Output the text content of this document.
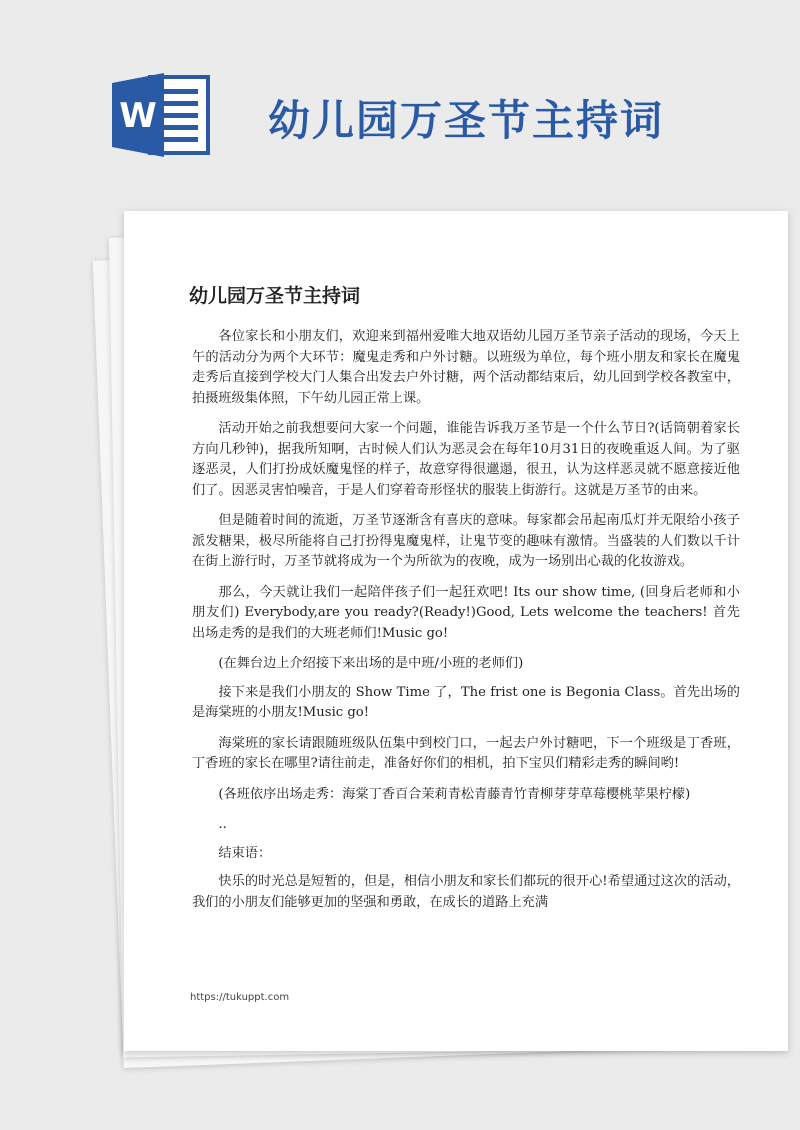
W	幼儿园万圣节主持词
幼儿园万圣节主持词

各位家长和小朋友们，欢迎来到福州爱唯大地双语幼儿园万圣节亲子活动的现场，今天上午的活动分为两个大环节：魔鬼走秀和户外讨糖。以班级为单位，每个班小朋友和家长在魔鬼走秀后直接到学校大门人集合出发去户外讨糖，两个活动都结束后，幼儿回到学校各教室中，拍摄班级集体照，下午幼儿园正常上课。

活动开始之前我想要问大家一个问题，谁能告诉我万圣节是一个什么节日?(话筒朝着家长方向几秒钟)，据我所知啊，古时候人们认为恶灵会在每年10月31日的夜晚重返人间。为了驱逐恶灵，人们打扮成妖魔鬼怪的样子，故意穿得很邋遢，很丑，认为这样恶灵就不愿意接近他们了。因恶灵害怕噪音，于是人们穿着奇形怪状的服装上街游行。这就是万圣节的由来。

但是随着时间的流逝，万圣节逐渐含有喜庆的意味。每家都会吊起南瓜灯并无限给小孩子派发糖果，极尽所能将自己打扮得鬼魔鬼样，让鬼节变的趣味有激情。当盛装的人们数以千计在街上游行时，万圣节就将成为一个为所欲为的夜晚，成为一场别出心裁的化妆游戏。

那么，今天就让我们一起陪伴孩子们一起狂欢吧! Its our show time, (回身后老师和小朋友们) Everybody,are you ready?(Ready!)Good, Lets welcome the teachers! 首先出场走秀的是我们的大班老师们!Music go!

(在舞台边上介绍接下来出场的是中班/小班的老师们)

接下来是我们小朋友的 Show Time 了，The frist one is Begonia Class。首先出场的是海棠班的小朋友!Music go!

海棠班的家长请跟随班级队伍集中到校门口，一起去户外讨糖吧，下一个班级是丁香班，丁香班的家长在哪里?请往前走，准备好你们的相机，拍下宝贝们精彩走秀的瞬间哟!

(各班依序出场走秀：海棠丁香百合茉莉青松青藤青竹青柳芽芽草莓樱桃苹果柠檬)

..

结束语：

快乐的时光总是短暂的，但是，相信小朋友和家长们都玩的很开心!希望通过这次的活动，我们的小朋友们能够更加的坚强和勇敢，在成长的道路上充满

https://tukuppt.com
